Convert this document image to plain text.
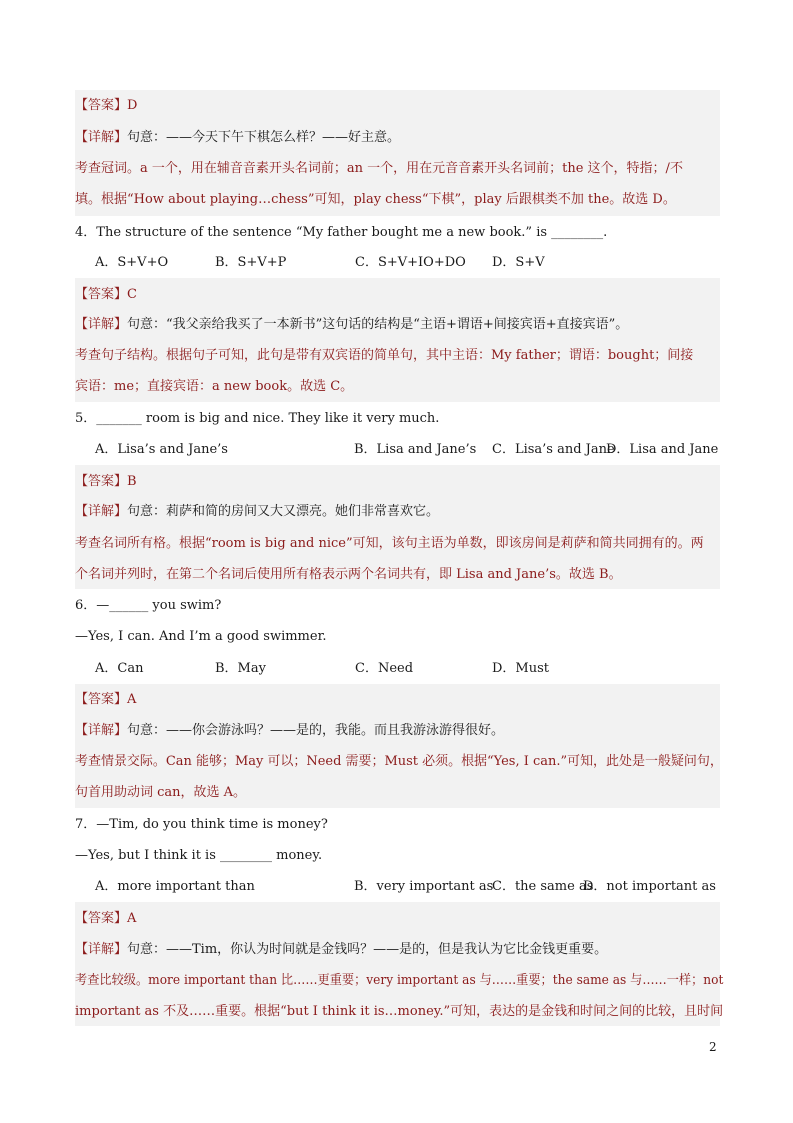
【答案】D
【详解】句意：——今天下午下棋怎么样？——好主意。
考查冠词。a 一个，用在辅音音素开头名词前；an 一个，用在元音音素开头名词前；the 这个，特指；/不
填。根据“How about playing…chess”可知，play chess“下棋”，play 后跟棋类不加 the。故选 D。
4．The structure of the sentence “My father bought me a new book.” is ________.
A．S+V+O	B．S+V+P	C．S+V+IO+DO D．S+V
【答案】C
【详解】句意：“我父亲给我买了一本新书”这句话的结构是“主语+谓语+间接宾语+直接宾语”。
考查句子结构。根据句子可知，此句是带有双宾语的简单句，其中主语：My father；谓语：bought；间接
宾语：me；直接宾语：a new book。故选 C。
5．_______ room is big and nice. They like it very much.
A．Lisa’s and Jane’s	B．Lisa and Jane’s C．Lisa’s and Jane
D．Lisa and Jane
【答案】B
【详解】句意：莉萨和简的房间又大又漂亮。她们非常喜欢它。
考查名词所有格。根据“room is big and nice”可知，该句主语为单数，即该房间是莉萨和简共同拥有的。两
个名词并列时，在第二个名词后使用所有格表示两个名词共有，即 Lisa and Jane’s。故选 B。
6．—______ you swim?
—Yes, I can. And I’m a good swimmer.
A．Can	B．May	C．Need	D．Must
【答案】A
【详解】句意：——你会游泳吗？——是的，我能。而且我游泳游得很好。
考查情景交际。Can 能够；May 可以；Need 需要；Must 必须。根据“Yes, I can.”可知，此处是一般疑问句，
句首用助动词 can，故选 A。
7．—Tim, do you think time is money?
—Yes, but I think it is ________ money.
A．more important than	B．very important as
C．the same as
D．not important as
【答案】A
【详解】句意：——Tim，你认为时间就是金钱吗？——是的，但是我认为它比金钱更重要。
考查比较级。more important than 比……更重要；very important as 与……重要；the same as 与……一样；not
important as 不及……重要。根据“but I think it is…money.”可知，表达的是金钱和时间之间的比较，且时间
2
